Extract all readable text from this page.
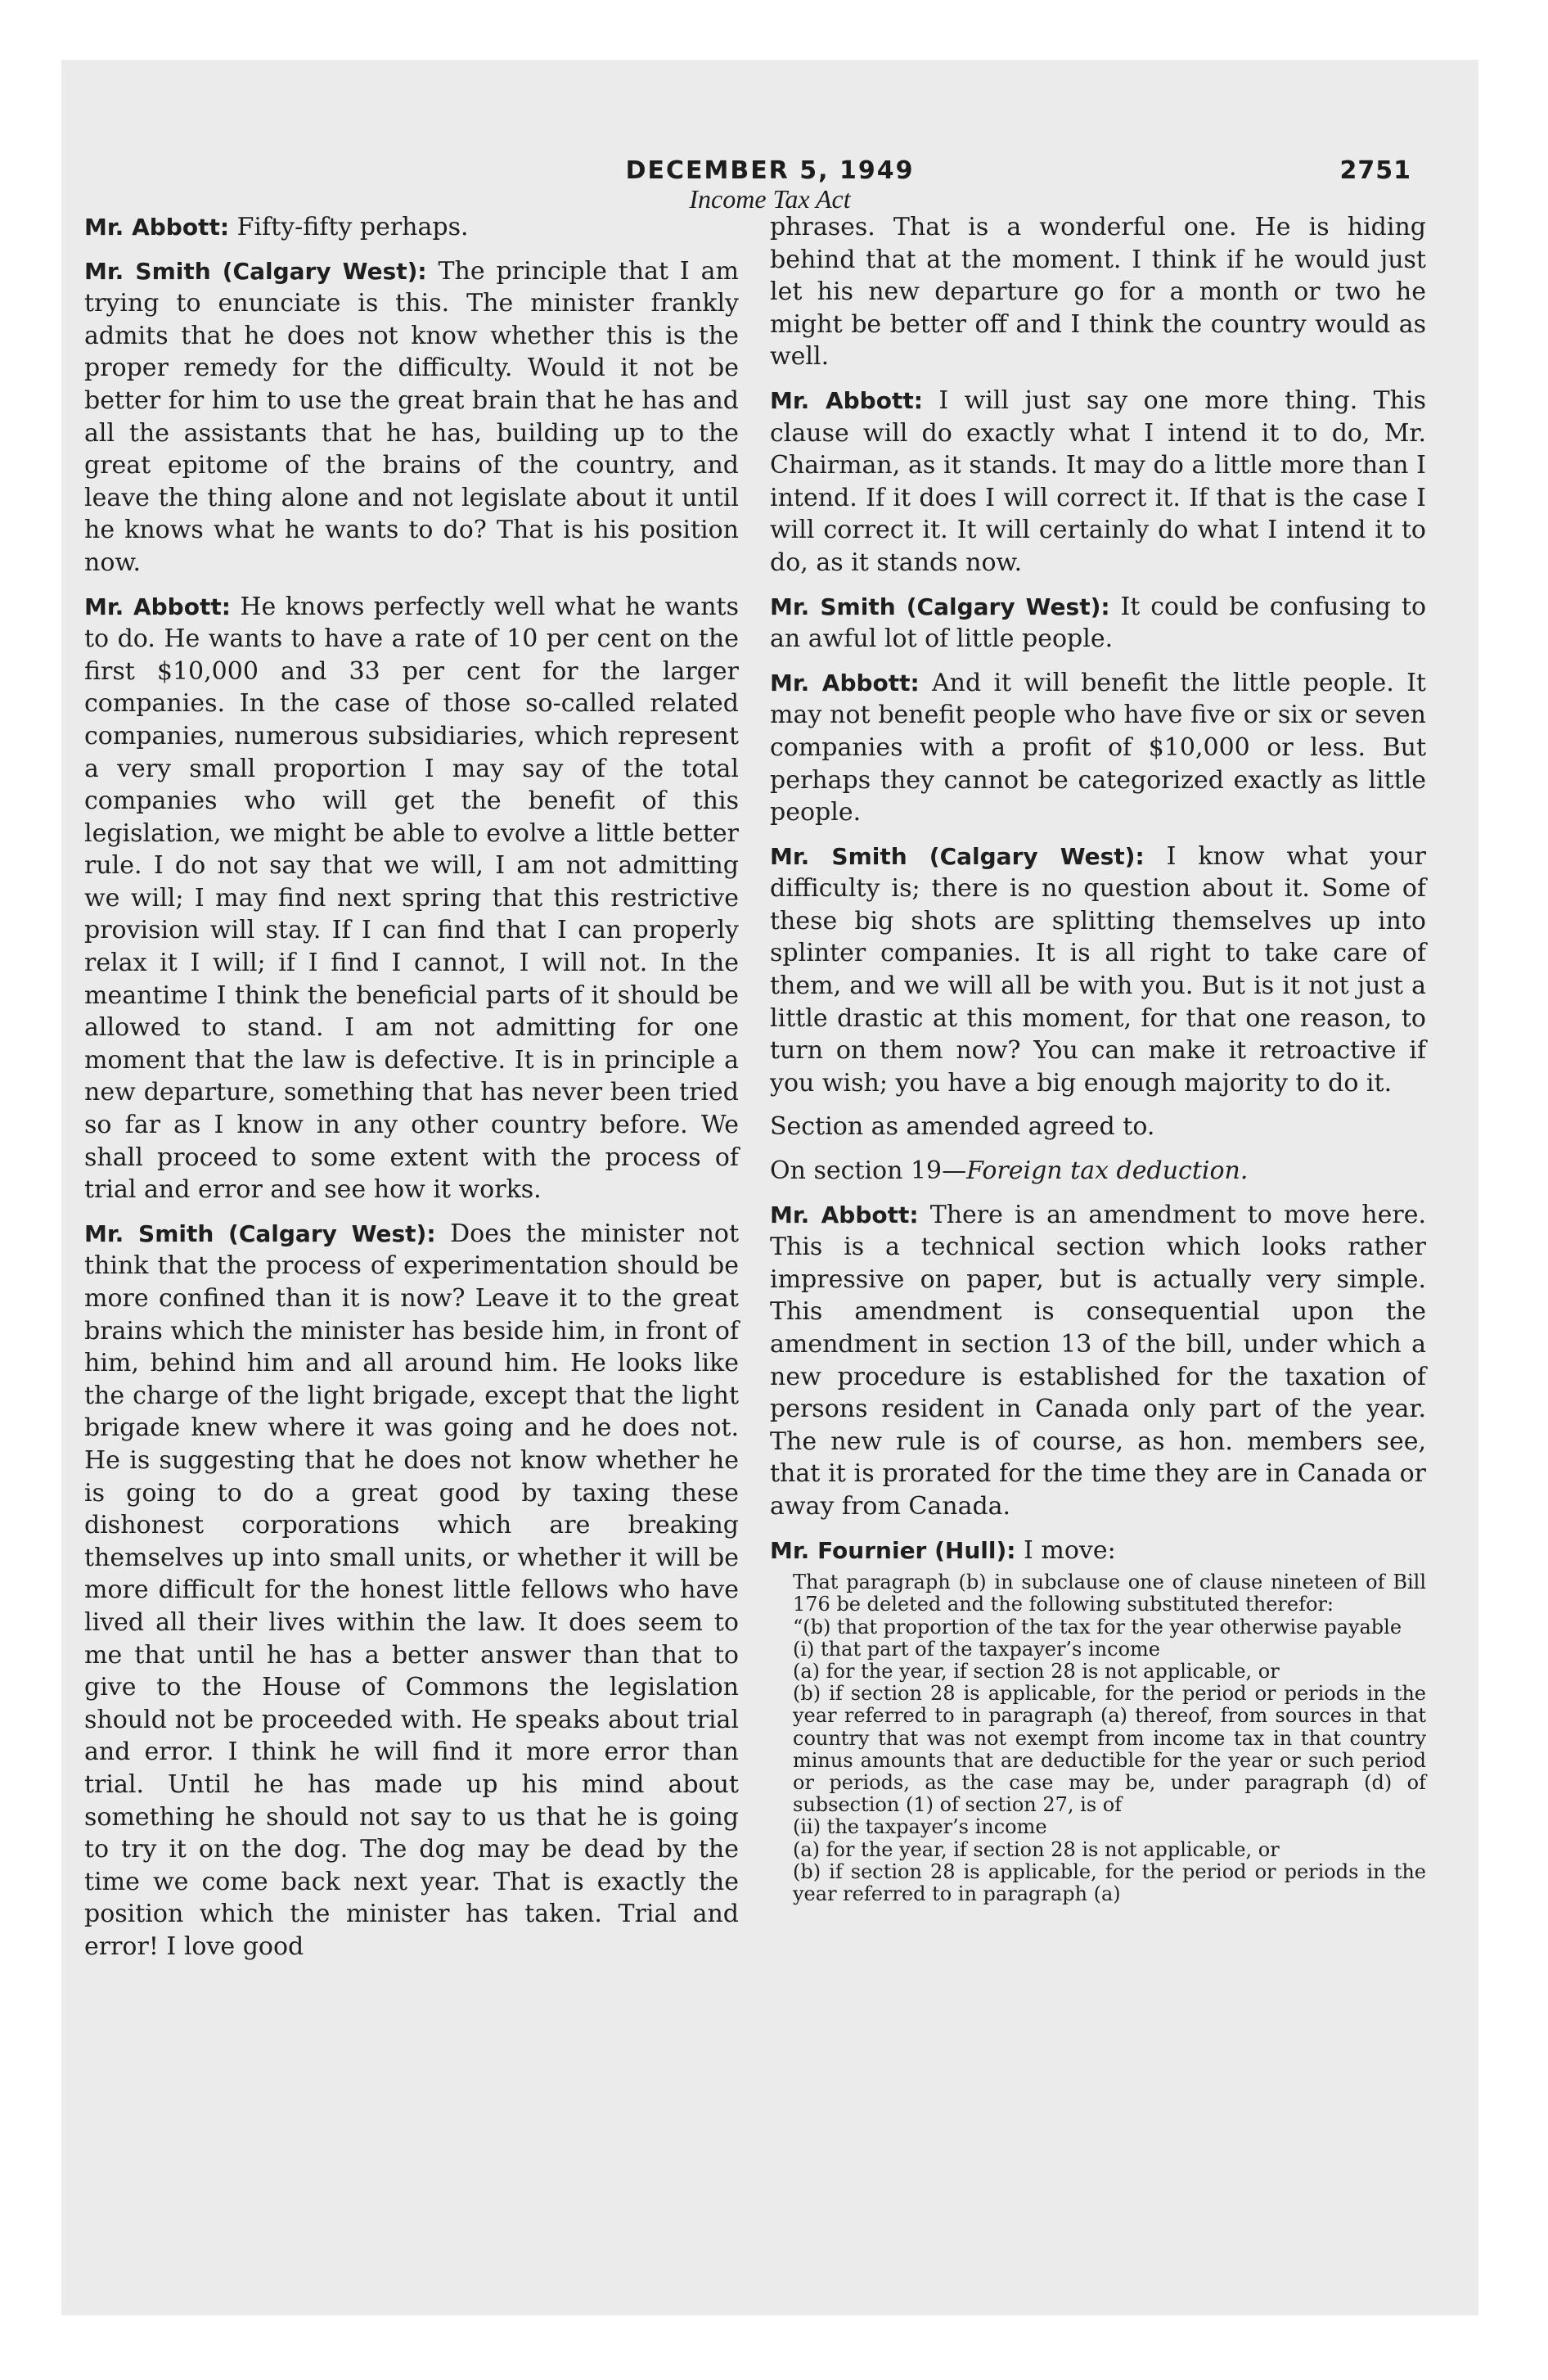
DECEMBER 5, 1949	2751
Income Tax Act

Mr. Abbott: Fifty-fifty perhaps.

Mr. Smith (Calgary West): The principle that I am trying to enunciate is this. The minister frankly admits that he does not know whether this is the proper remedy for the difficulty. Would it not be better for him to use the great brain that he has and all the assistants that he has, building up to the great epitome of the brains of the country, and leave the thing alone and not legislate about it until he knows what he wants to do? That is his position now.

Mr. Abbott: He knows perfectly well what he wants to do. He wants to have a rate of 10 per cent on the first $10,000 and 33 per cent for the larger companies. In the case of those so-called related companies, numerous subsidiaries, which represent a very small proportion I may say of the total companies who will get the benefit of this legislation, we might be able to evolve a little better rule. I do not say that we will, I am not admitting we will; I may find next spring that this restrictive provision will stay. If I can find that I can properly relax it I will; if I find I cannot, I will not. In the meantime I think the beneficial parts of it should be allowed to stand. I am not admitting for one moment that the law is defective. It is in principle a new departure, something that has never been tried so far as I know in any other country before. We shall proceed to some extent with the process of trial and error and see how it works.

Mr. Smith (Calgary West): Does the minister not think that the process of experimentation should be more confined than it is now? Leave it to the great brains which the minister has beside him, in front of him, behind him and all around him. He looks like the charge of the light brigade, except that the light brigade knew where it was going and he does not. He is suggesting that he does not know whether he is going to do a great good by taxing these dishonest corporations which are breaking themselves up into small units, or whether it will be more difficult for the honest little fellows who have lived all their lives within the law. It does seem to me that until he has a better answer than that to give to the House of Commons the legislation should not be proceeded with. He speaks about trial and error. I think he will find it more error than trial. Until he has made up his mind about something he should not say to us that he is going to try it on the dog. The dog may be dead by the time we come back next year. That is exactly the position which the minister has taken. Trial and error! I love good

phrases. That is a wonderful one. He is hiding behind that at the moment. I think if he would just let his new departure go for a month or two he might be better off and I think the country would as well.

Mr. Abbott: I will just say one more thing. This clause will do exactly what I intend it to do, Mr. Chairman, as it stands. It may do a little more than I intend. If it does I will correct it. If that is the case I will correct it. It will certainly do what I intend it to do, as it stands now.

Mr. Smith (Calgary West): It could be confusing to an awful lot of little people.

Mr. Abbott: And it will benefit the little people. It may not benefit people who have five or six or seven companies with a profit of $10,000 or less. But perhaps they cannot be categorized exactly as little people.

Mr. Smith (Calgary West): I know what your difficulty is; there is no question about it. Some of these big shots are splitting themselves up into splinter companies. It is all right to take care of them, and we will all be with you. But is it not just a little drastic at this moment, for that one reason, to turn on them now? You can make it retroactive if you wish; you have a big enough majority to do it.

Section as amended agreed to.

On section 19—Foreign tax deduction.

Mr. Abbott: There is an amendment to move here. This is a technical section which looks rather impressive on paper, but is actually very simple. This amendment is consequential upon the amendment in section 13 of the bill, under which a new procedure is established for the taxation of persons resident in Canada only part of the year. The new rule is of course, as hon. members see, that it is prorated for the time they are in Canada or away from Canada.

Mr. Fournier (Hull): I move:

That paragraph (b) in subclause one of clause nineteen of Bill 176 be deleted and the following substituted therefor:

“(b) that proportion of the tax for the year otherwise payable

(i) that part of the taxpayer’s income

(a) for the year, if section 28 is not applicable, or

(b) if section 28 is applicable, for the period or periods in the year referred to in paragraph (a) thereof, from sources in that country that was not exempt from income tax in that country minus amounts that are deductible for the year or such period or periods, as the case may be, under paragraph (d) of subsection (1) of section 27, is of

(ii) the taxpayer’s income

(a) for the year, if section 28 is not applicable, or

(b) if section 28 is applicable, for the period or periods in the year referred to in paragraph (a)
